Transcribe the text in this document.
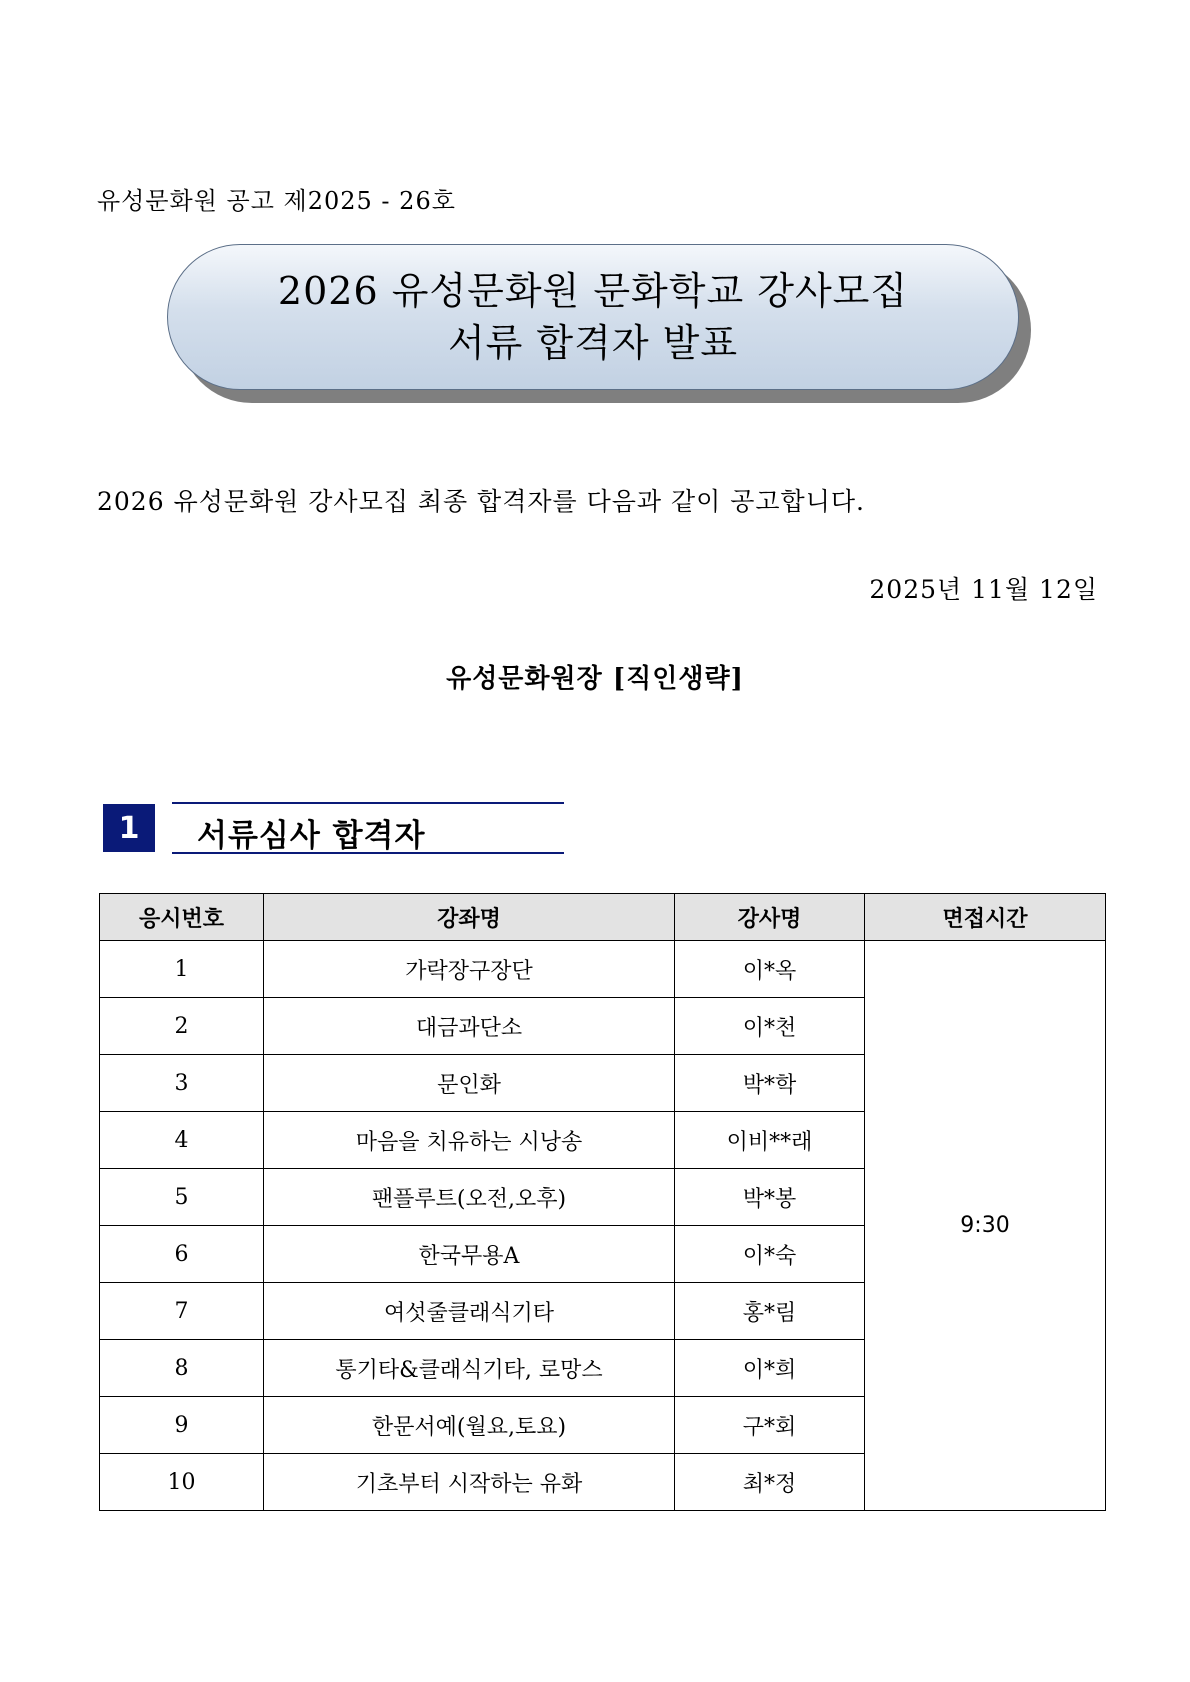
유성문화원 공고 제2025 - 26호
2026 유성문화원 문화학교 강사모집
서류 합격자 발표
2026 유성문화원 강사모집 최종 합격자를 다음과 같이 공고합니다.
2025년 11월 12일
유성문화원장 [직인생략]
1	서류심사 합격자
응시번호	강좌명	강사명	면접시간
1	가락장구장단	이*옥	9:30
2	대금과단소	이*천	
3	문인화	박*학	
4	마음을 치유하는 시낭송	이비**래	
5	팬플루트(오전,오후)	박*봉	
6	한국무용A	이*숙	
7	여섯줄클래식기타	홍*림	
8	통기타&클래식기타, 로망스	이*희	
9	한문서예(월요,토요)	구*회	
10	기초부터 시작하는 유화	최*정	
